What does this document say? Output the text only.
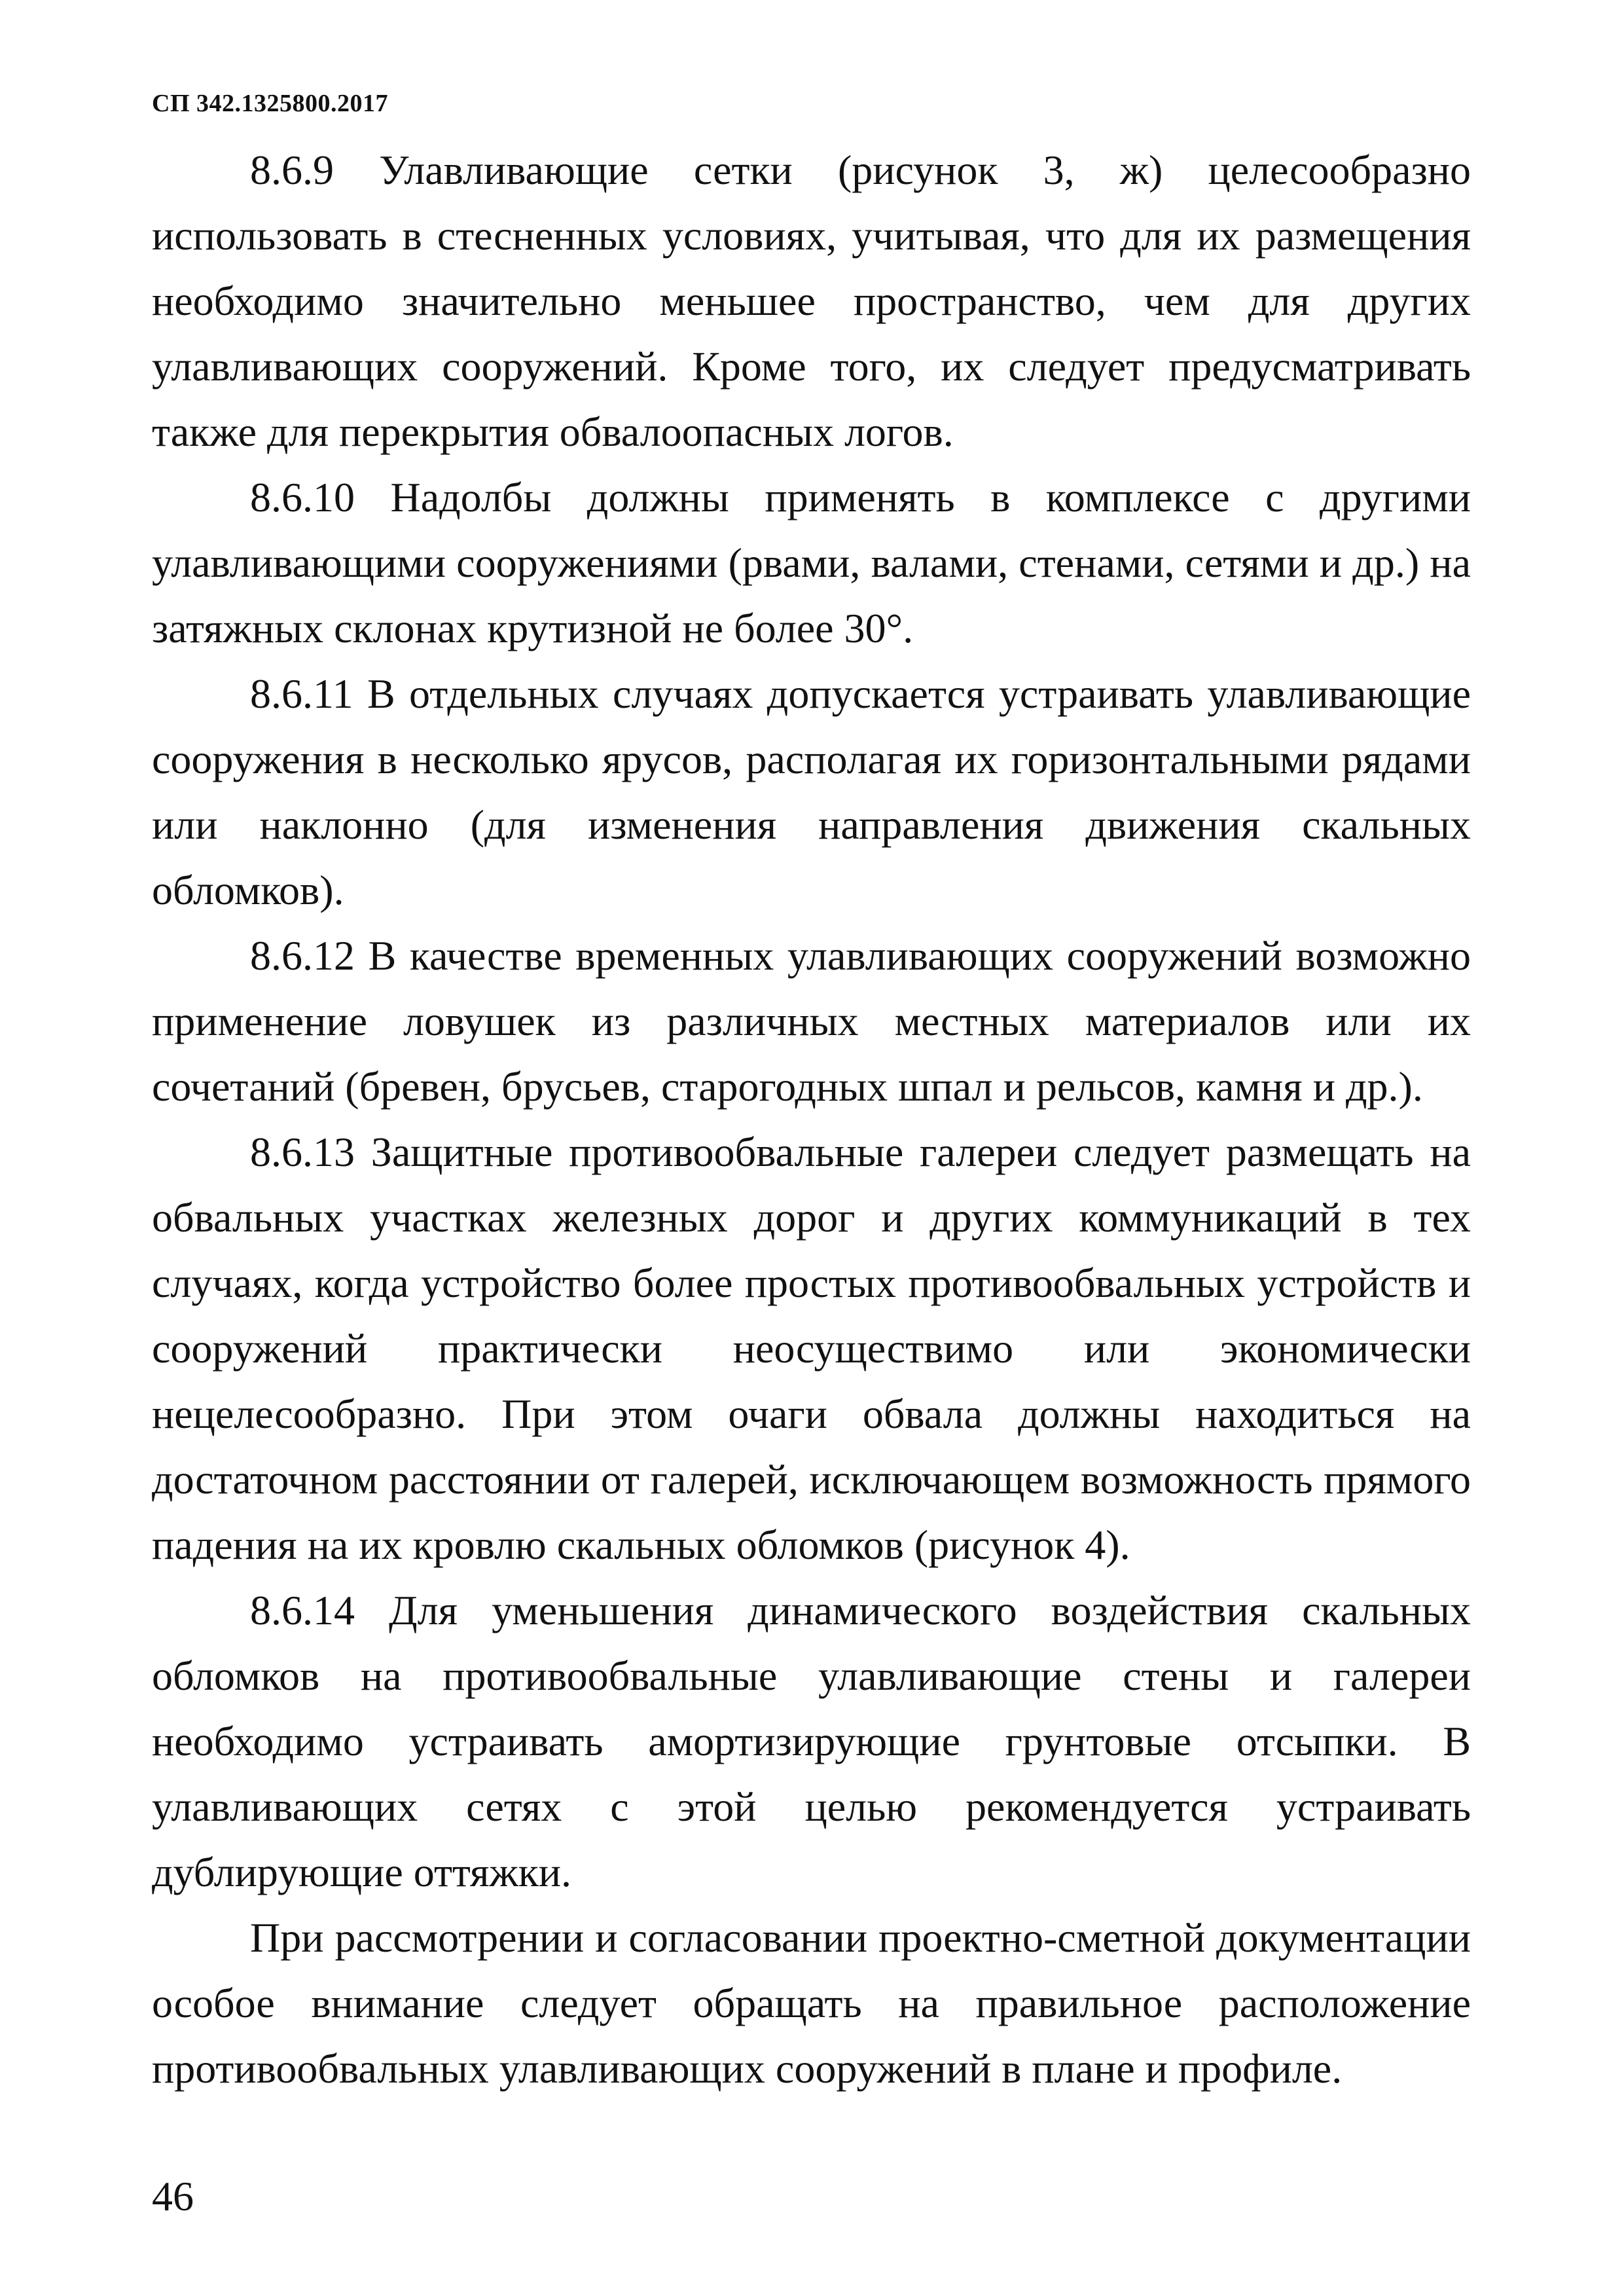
СП 342.1325800.2017

8.6.9 Улавливающие сетки (рисунок 3, ж) целесообразно использовать в стесненных условиях, учитывая, что для их размещения необходимо значительно меньшее пространство, чем для других улавливающих сооружений. Кроме того, их следует предусматривать также для перекрытия обвалоопасных логов.

8.6.10 Надолбы должны применять в комплексе с другими улавливающими сооружениями (рвами, валами, стенами, сетями и др.) на затяжных склонах крутизной не более 30°.

8.6.11 В отдельных случаях допускается устраивать улавливающие сооружения в несколько ярусов, располагая их горизонтальными рядами или наклонно (для изменения направления движения скальных обломков).

8.6.12 В качестве временных улавливающих сооружений возможно применение ловушек из различных местных материалов или их сочетаний (бревен, брусьев, старогодных шпал и рельсов, камня и др.).

8.6.13 Защитные противообвальные галереи следует размещать на обвальных участках железных дорог и других коммуникаций в тех случаях, когда устройство более простых противообвальных устройств и сооружений практически неосуществимо или экономически нецелесообразно. При этом очаги обвала должны находиться на достаточном расстоянии от галерей, исключающем возможность прямого падения на их кровлю скальных обломков (рисунок 4).

8.6.14 Для уменьшения динамического воздействия скальных обломков на противообвальные улавливающие стены и галереи необходимо устраивать амортизирующие грунтовые отсыпки. В улавливающих сетях с этой целью рекомендуется устраивать дублирующие оттяжки.

При рассмотрении и согласовании проектно-сметной документации особое внимание следует обращать на правильное расположение противообвальных улавливающих сооружений в плане и профиле.

46
